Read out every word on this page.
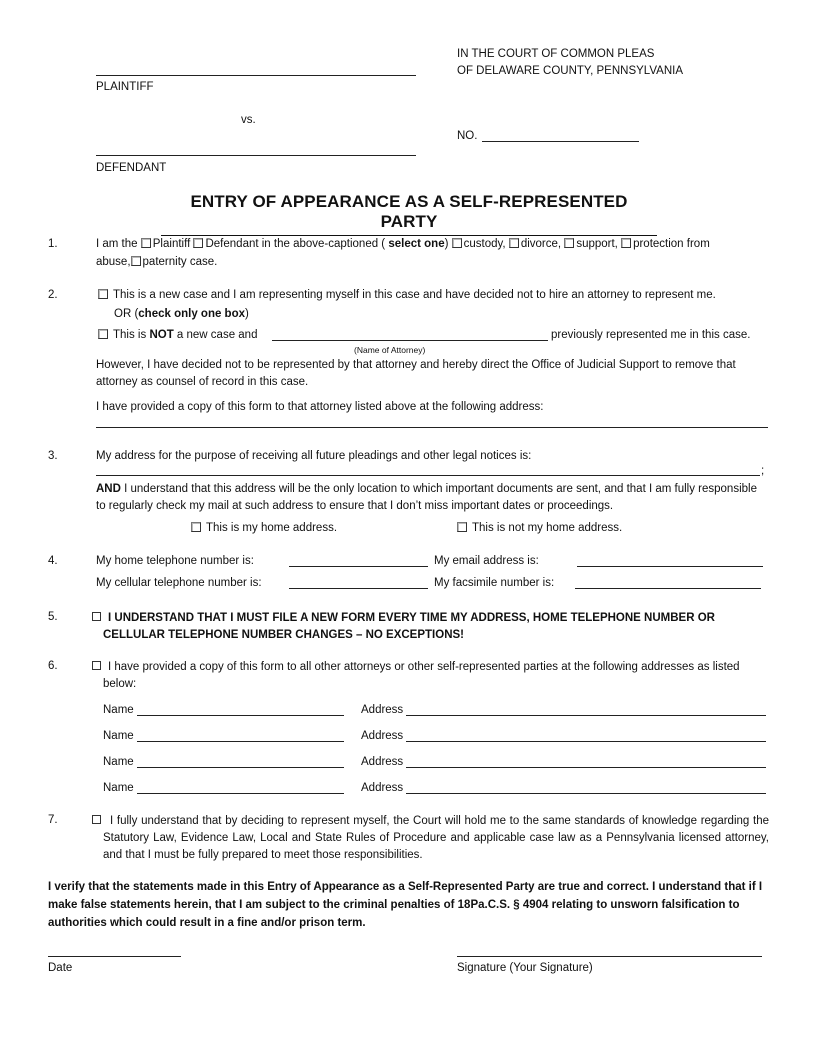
IN THE COURT OF COMMON PLEAS
OF DELAWARE COUNTY, PENNSYLVANIA
PLAINTIFF
vs.
NO.
DEFENDANT
ENTRY OF APPEARANCE AS A SELF-REPRESENTED PARTY
1.	I am the Plaintiff Defendant in the above-captioned ( select one) custody, divorce, support, protection from
abuse, paternity case.
2.	This is a new case and I am representing myself in this case and have decided not to hire an attorney to represent me.
OR (check only one box)
This is NOT a new case and	previously represented me in this case.
(Name of Attorney)
However, I have decided not to be represented by that attorney and hereby direct the Office of Judicial Support to remove that attorney as counsel of record in this case.
I have provided a copy of this form to that attorney listed above at the following address:
3.	My address for the purpose of receiving all future pleadings and other legal notices is:
;
AND I understand that this address will be the only location to which important documents are sent, and that I am fully responsible to regularly check my mail at such address to ensure that I don’t miss important dates or proceedings.
This is my home address.	This is not my home address.
4.	My home telephone number is:	My email address is:
My cellular telephone number is:	My facsimile number is:
5.	I UNDERSTAND THAT I MUST FILE A NEW FORM EVERY TIME MY ADDRESS, HOME TELEPHONE NUMBER OR CELLULAR TELEPHONE NUMBER CHANGES – NO EXCEPTIONS!
6.	I have provided a copy of this form to all other attorneys or other self-represented parties at the following addresses as listed below:
Name	Address
Name	Address
Name	Address
Name	Address
7.	I fully understand that by deciding to represent myself, the Court will hold me to the same standards of knowledge regarding the Statutory Law, Evidence Law, Local and State Rules of Procedure and applicable case law as a Pennsylvania licensed attorney, and that I must be fully prepared to meet those responsibilities.
I verify that the statements made in this Entry of Appearance as a Self-Represented Party are true and correct. I understand that if I make false statements herein, that I am subject to the criminal penalties of 18Pa.C.S. § 4904 relating to unsworn falsification to authorities which could result in a fine and/or prison term.
Date	Signature (Your Signature)
